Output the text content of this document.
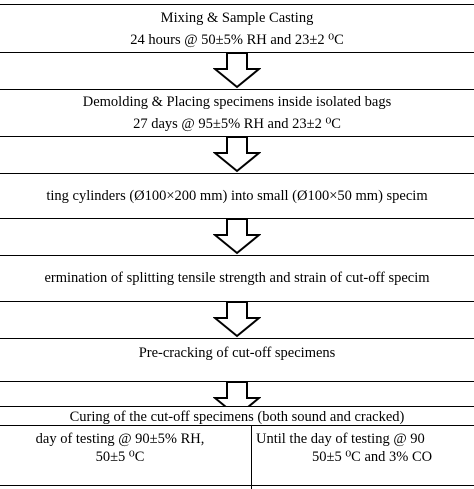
Mixing & Sample Casting
24 hours @ 50±5% RH and 23±2 ⁰C
Demolding & Placing specimens inside isolated bags
27 days @ 95±5% RH and 23±2 ⁰C
ting cylinders (Ø100×200 mm) into small (Ø100×50 mm) specim
ermination of splitting tensile strength and strain of cut-off specim
Pre-cracking of cut-off specimens
Curing of the cut-off specimens (both sound and cracked)
day of testing @ 90±5% RH,
50±5 ⁰C
Until the day of testing @ 90
50±5 ⁰C and 3% CO
